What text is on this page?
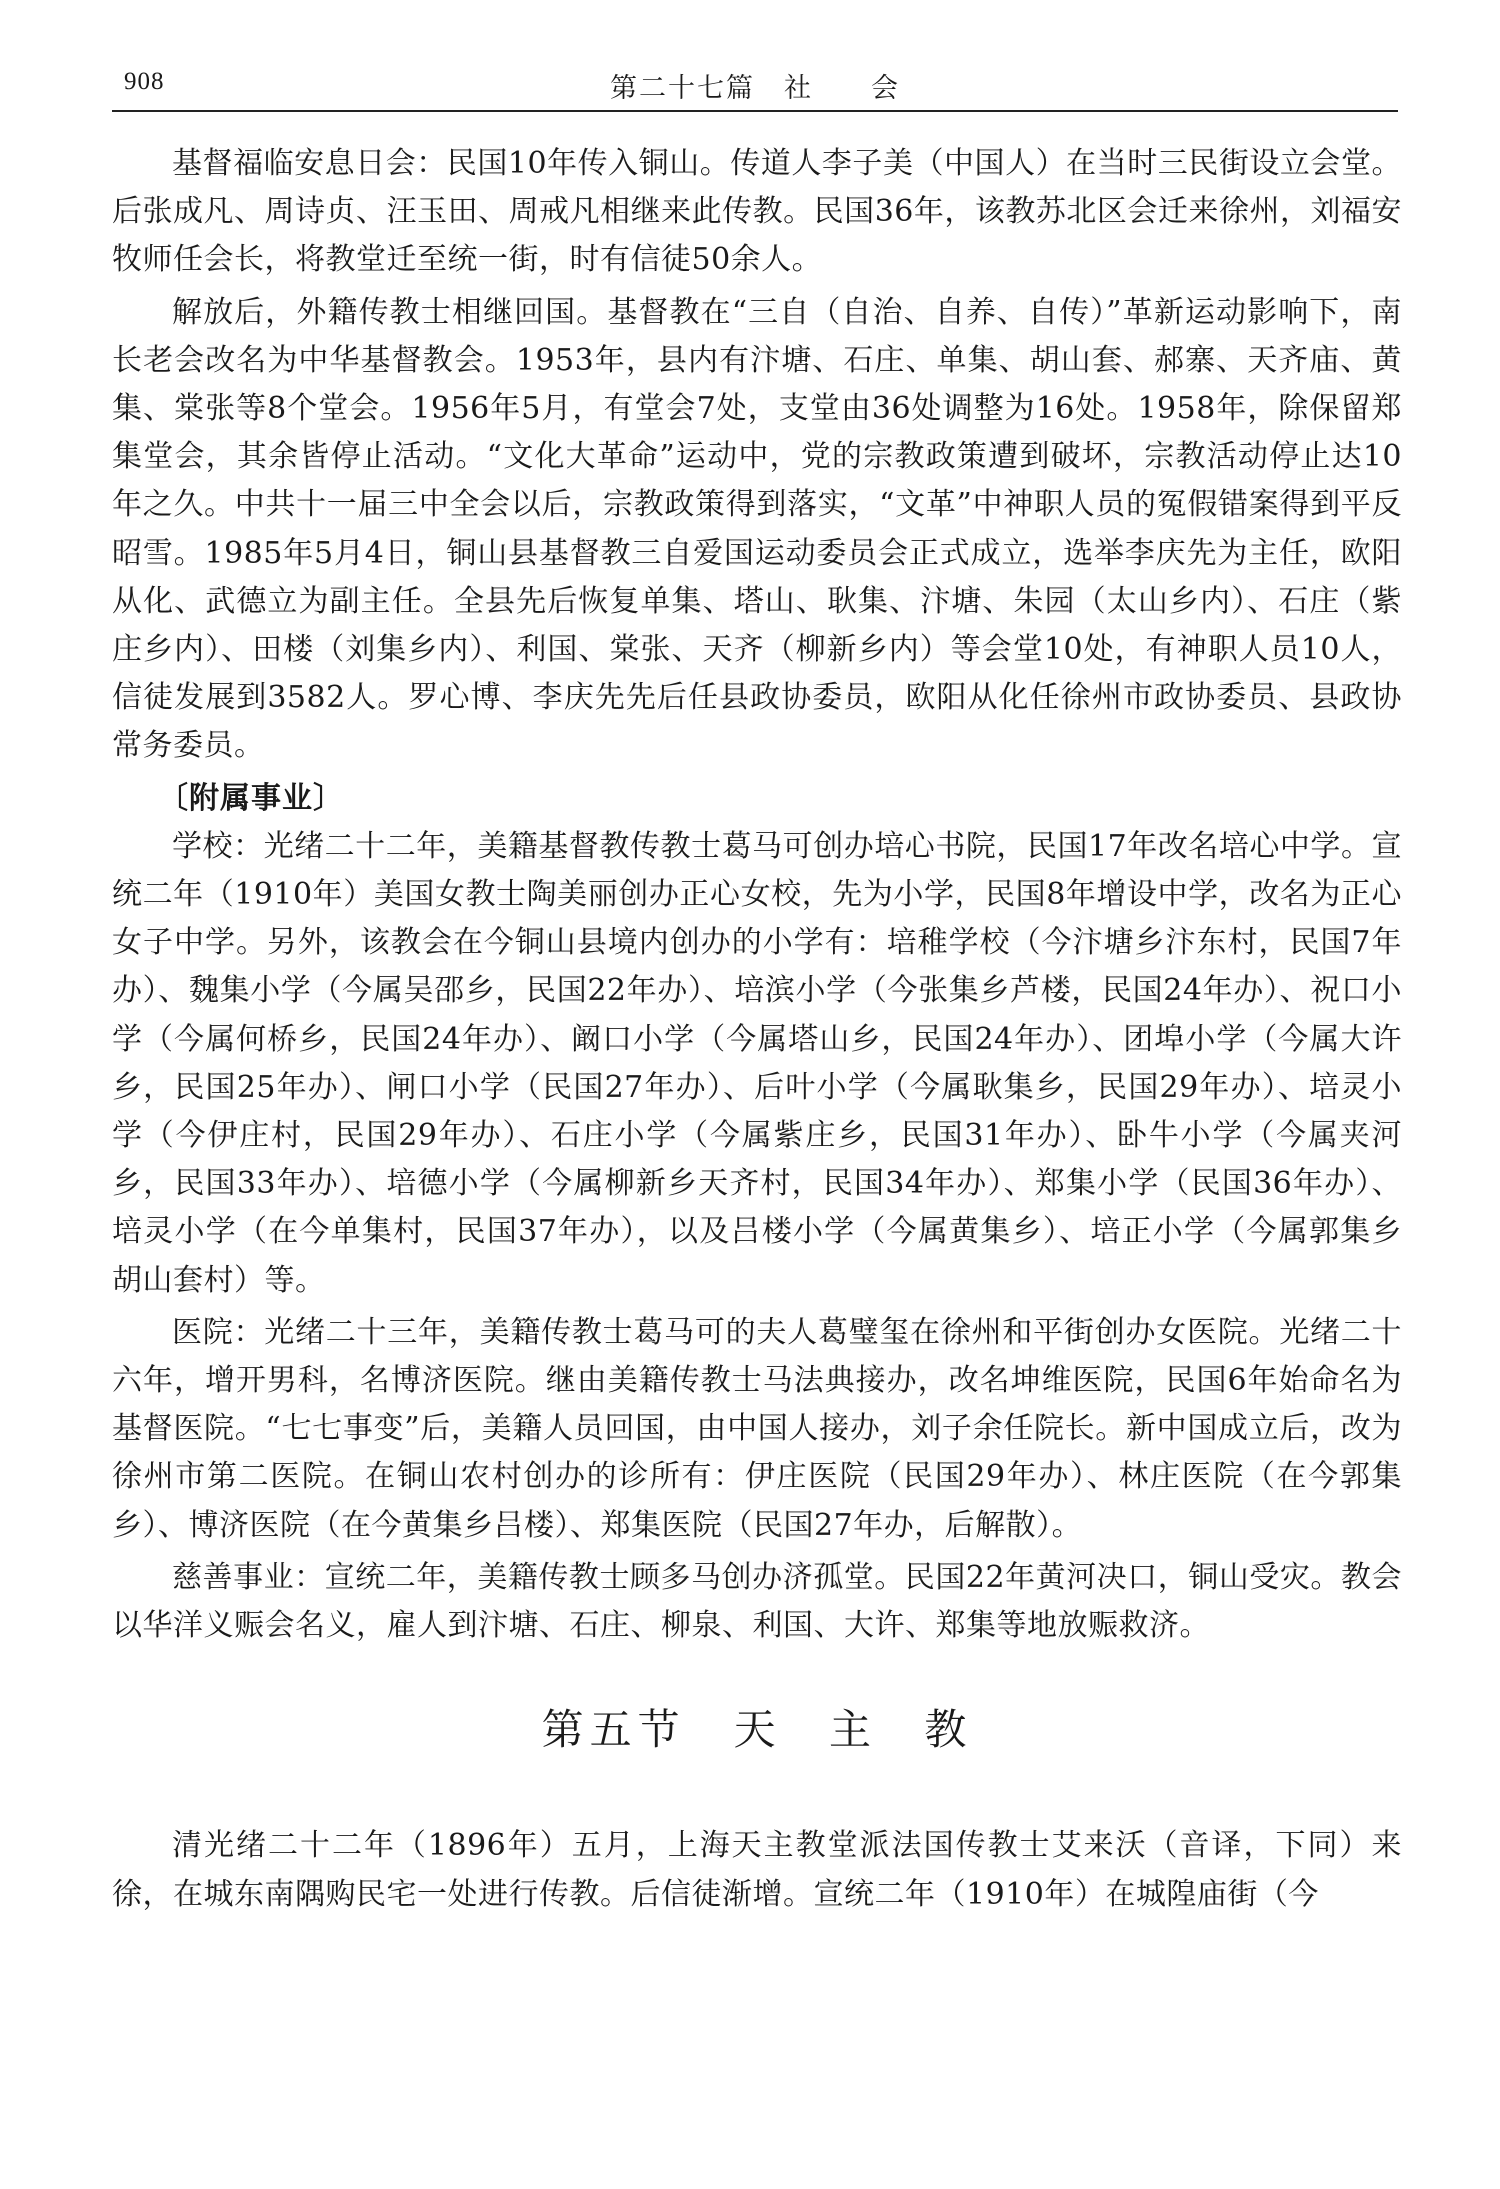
908	第二十七篇　社　　会

基督福临安息日会：民国10年传入铜山。传道人李子美（中国人）在当时三民街设立会堂。后张成凡、周诗贞、汪玉田、周戒凡相继来此传教。民国36年，该教苏北区会迁来徐州，刘福安牧师任会长，将教堂迁至统一街，时有信徒50余人。

解放后，外籍传教士相继回国。基督教在“三自（自治、自养、自传）”革新运动影响下，南长老会改名为中华基督教会。1953年，县内有汴塘、石庄、单集、胡山套、郝寨、天齐庙、黄集、棠张等8个堂会。1956年5月，有堂会7处，支堂由36处调整为16处。1958年，除保留郑集堂会，其余皆停止活动。“文化大革命”运动中，党的宗教政策遭到破坏，宗教活动停止达10年之久。中共十一届三中全会以后，宗教政策得到落实，“文革”中神职人员的冤假错案得到平反昭雪。1985年5月4日，铜山县基督教三自爱国运动委员会正式成立，选举李庆先为主任，欧阳从化、武德立为副主任。全县先后恢复单集、塔山、耿集、汴塘、朱园（太山乡内）、石庄（紫庄乡内）、田楼（刘集乡内）、利国、棠张、天齐（柳新乡内）等会堂10处，有神职人员10人，信徒发展到3582人。罗心博、李庆先先后任县政协委员，欧阳从化任徐州市政协委员、县政协常务委员。

〔附属事业〕

学校：光绪二十二年，美籍基督教传教士葛马可创办培心书院，民国17年改名培心中学。宣统二年（1910年）美国女教士陶美丽创办正心女校，先为小学，民国8年增设中学，改名为正心女子中学。另外，该教会在今铜山县境内创办的小学有：培稚学校（今汴塘乡汴东村，民国7年办）、魏集小学（今属吴邵乡，民国22年办）、培滨小学（今张集乡芦楼，民国24年办）、祝口小学（今属何桥乡，民国24年办）、阚口小学（今属塔山乡，民国24年办）、团埠小学（今属大许乡，民国25年办）、闸口小学（民国27年办）、后叶小学（今属耿集乡，民国29年办）、培灵小学（今伊庄村，民国29年办）、石庄小学（今属紫庄乡，民国31年办）、卧牛小学（今属夹河乡，民国33年办）、培德小学（今属柳新乡天齐村，民国34年办）、郑集小学（民国36年办）、培灵小学（在今单集村，民国37年办），以及吕楼小学（今属黄集乡）、培正小学（今属郭集乡胡山套村）等。

医院：光绪二十三年，美籍传教士葛马可的夫人葛璧玺在徐州和平街创办女医院。光绪二十六年，增开男科，名博济医院。继由美籍传教士马法典接办，改名坤维医院，民国6年始命名为基督医院。“七七事变”后，美籍人员回国，由中国人接办，刘子余任院长。新中国成立后，改为徐州市第二医院。在铜山农村创办的诊所有：伊庄医院（民国29年办）、林庄医院（在今郭集乡）、博济医院（在今黄集乡吕楼）、郑集医院（民国27年办，后解散）。

慈善事业：宣统二年，美籍传教士顾多马创办济孤堂。民国22年黄河决口，铜山受灾。教会以华洋义赈会名义，雇人到汴塘、石庄、柳泉、利国、大许、郑集等地放赈救济。

第五节　天 主 教

清光绪二十二年（1896年）五月，上海天主教堂派法国传教士艾来沃（音译，下同）来徐，在城东南隅购民宅一处进行传教。后信徒渐增。宣统二年（1910年）在城隍庙街（今
